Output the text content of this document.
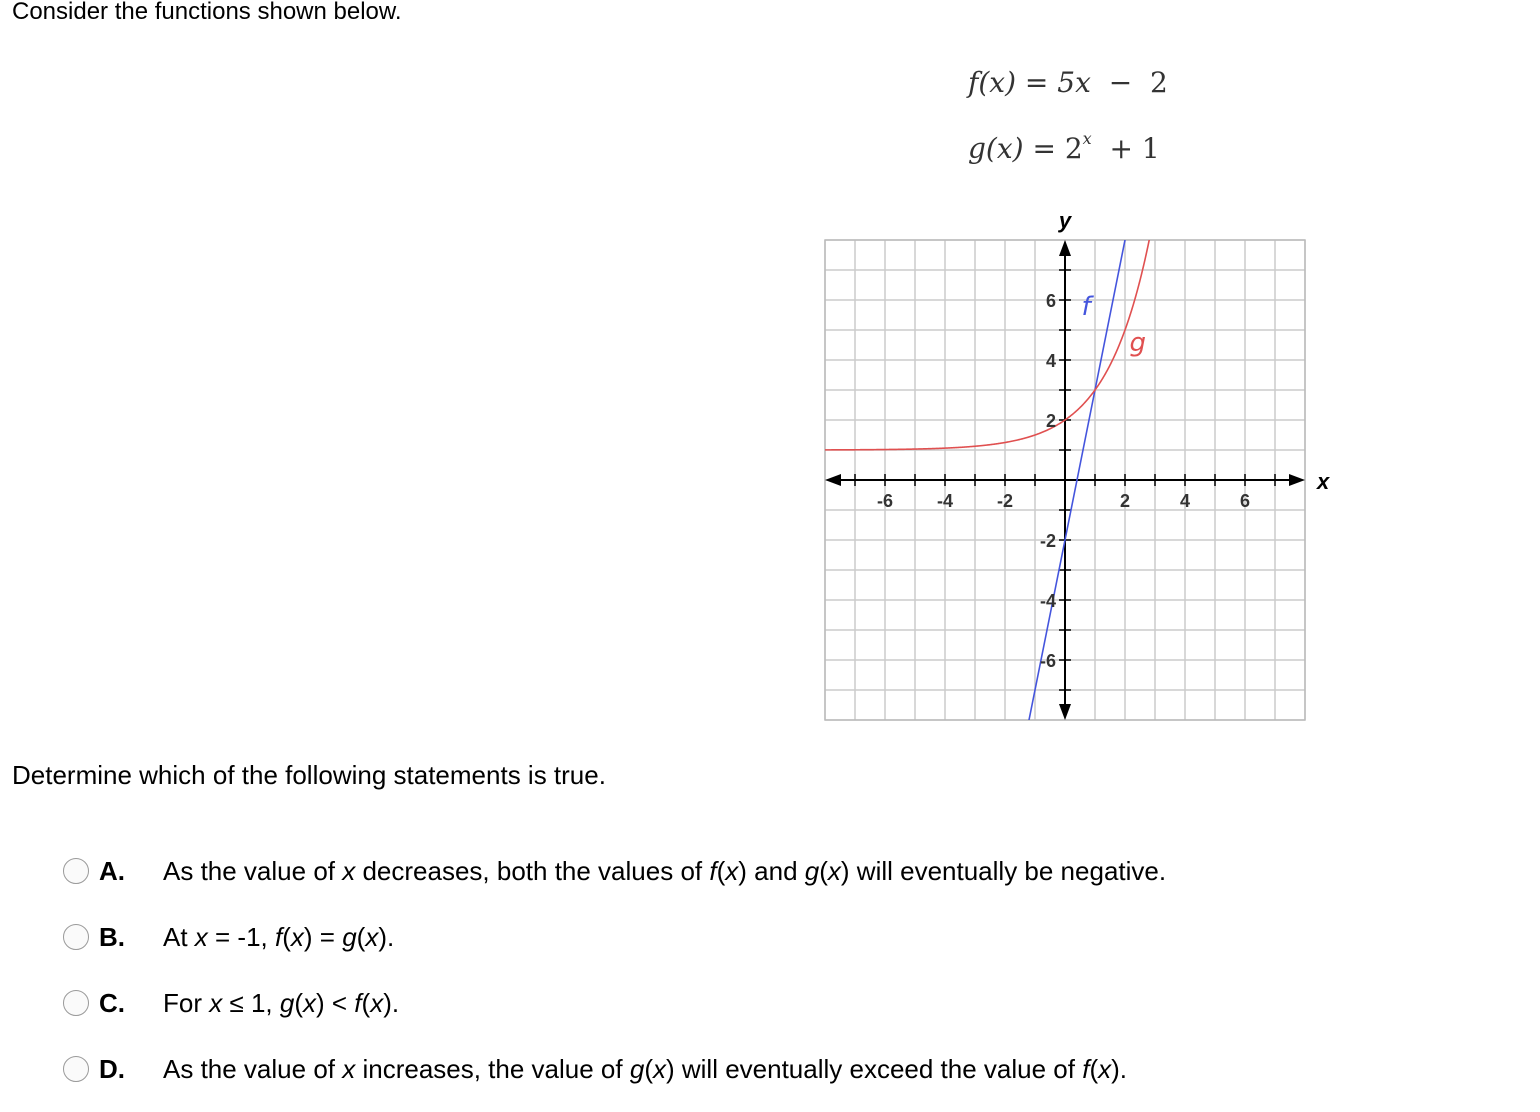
Consider the functions shown below.
f(x) = 5x − 2
$g(x) = 2^x + 1$
-6 -4 -2	2	4	6
6
4
2
-2
-4
-6
x
y
f
g
Determine which of the following statements is true.
A.	As the value of x decreases, both the values of f(x) and g(x) will eventually be negative.
B.	At x = -1, f(x) = g(x).
C.	For x ≤ 1, g(x) < f(x).
D.	As the value of x increases, the value of g(x) will eventually exceed the value of f(x).
